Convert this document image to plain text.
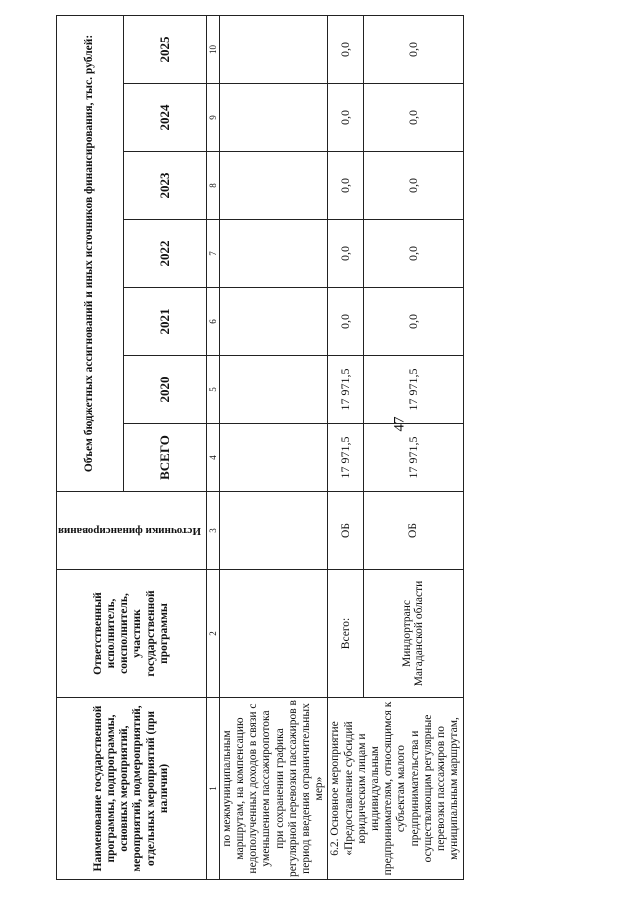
47
Наименование государственной программы, подпрограммы, основных мероприятий, мероприятий, подмероприятий, отдельных мероприятий (при наличии)	Ответственный исполнитель, соисполнитель, участник государственной программы	Источники финансирования	Объем бюджетных ассигнований и иных источников финансирования, тыс. рублей:						
			ВСЕГО	2020	2021	2022	2023	2024	2025
1	2	3	4	5	6	7	8	9	10
по межмуниципальным маршрутам, на компенсацию недополученных доходов в связи с уменьшением пассажиропотока при сохранении графика регулярной перевозки пассажиров в период введения ограничительных мер»									
6.2. Основное мероприятие «Предоставление субсидий юридическим лицам и индивидуальным предпринимателям, относящимся к субъектам малого предпринимательства и осуществляющим регулярные перевозки пассажиров по муниципальным маршрутам,	Всего:	ОБ	17 971,5	17 971,5	0,0	0,0	0,0	0,0	0,0
	Миндортранс Магаданской области	ОБ	17 971,5	17 971,5	0,0	0,0	0,0	0,0	0,0
